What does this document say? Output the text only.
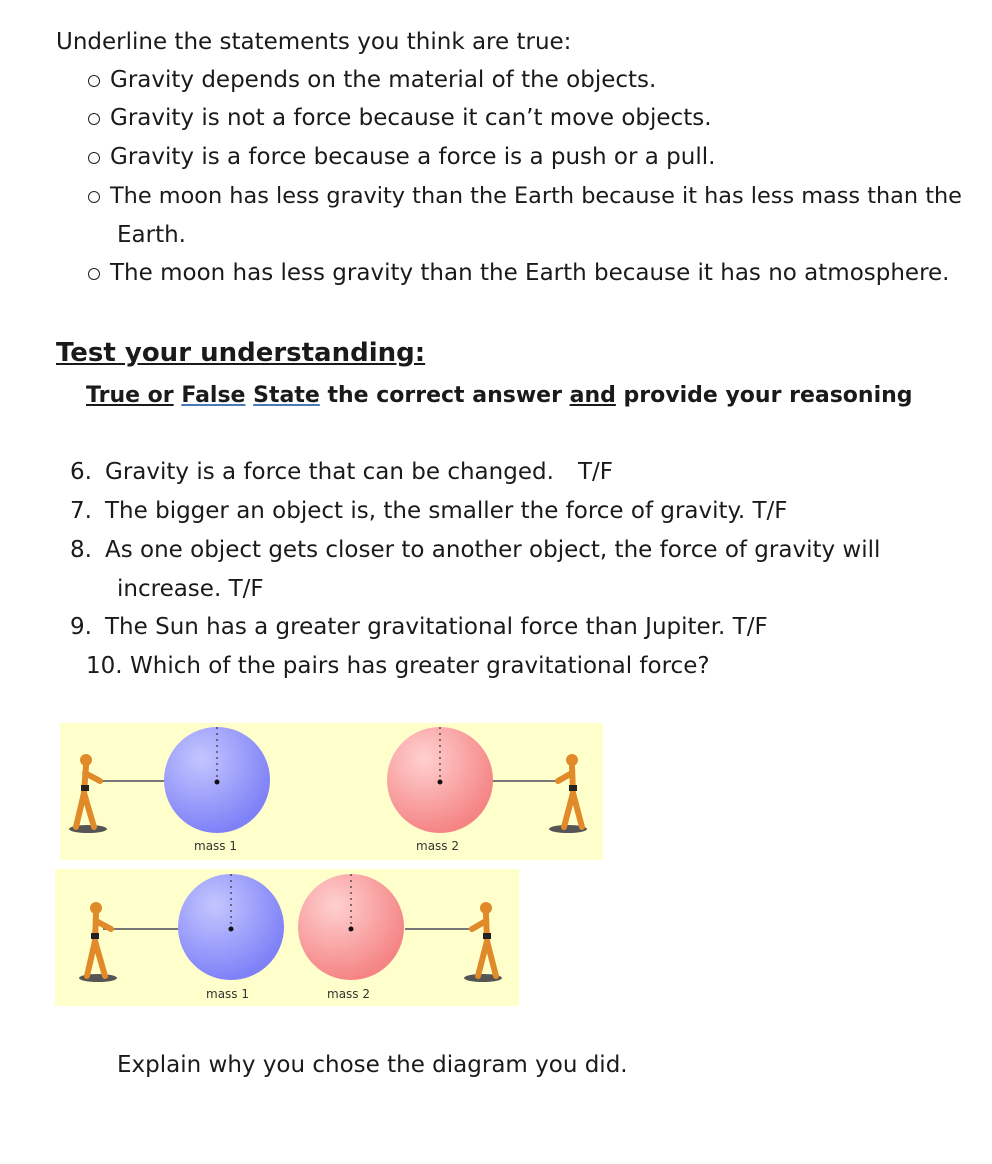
Underline the statements you think are true:
Gravity depends on the material of the objects.
Gravity is not a force because it can’t move objects.
Gravity is a force because a force is a push or a pull.
The moon has less gravity than the Earth because it has less mass than the
Earth.
The moon has less gravity than the Earth because it has no atmosphere.
Test your understanding:
True or False State the correct answer and provide your reasoning
6. Gravity is a force that can be changed. T/F
7. The bigger an object is, the smaller the force of gravity. T/F
8. As one object gets closer to another object, the force of gravity will
increase. T/F
9. The Sun has a greater gravitational force than Jupiter. T/F
10. Which of the pairs has greater gravitational force?
mass 1	mass 2
mass 1	mass 2
Explain why you chose the diagram you did.
